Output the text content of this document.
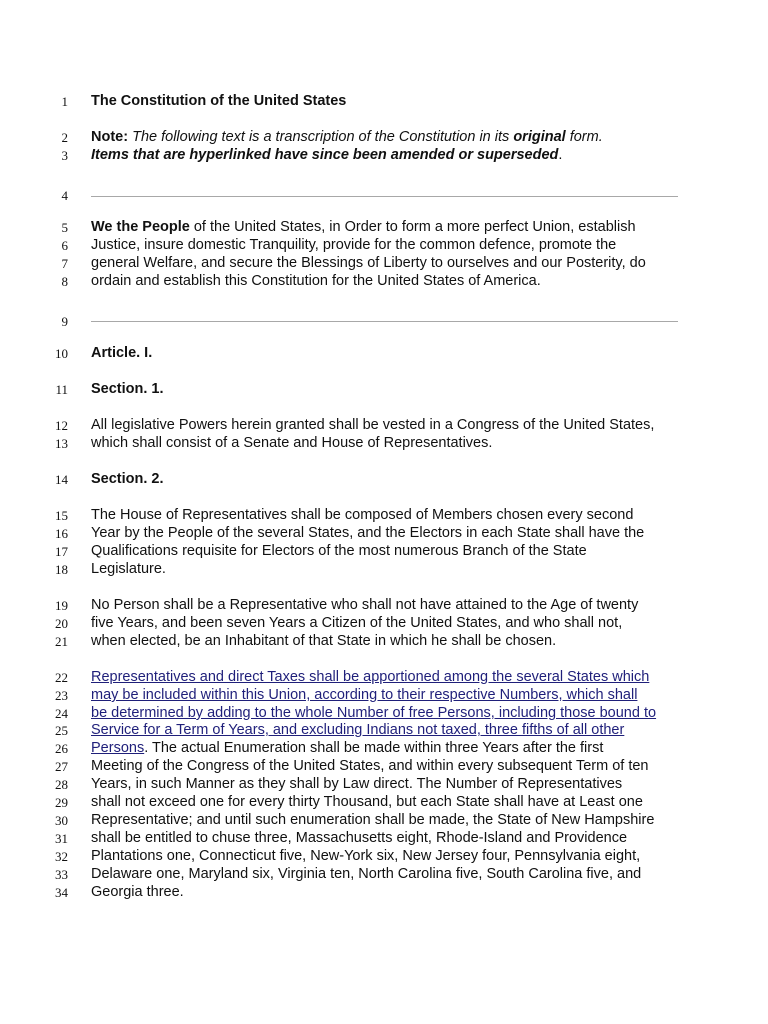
1
2
3
4
5
6
7
8
9
10
11
12
13
14
15
16
17
18
19
20
21
22
23
24
25
26
27
28
29
30
31
32
33
34
The Constitution of the United States
Note: The following text is a transcription of the Constitution in its original form.
Items that are hyperlinked have since been amended or superseded.
We the People of the United States, in Order to form a more perfect Union, establish
Justice, insure domestic Tranquility, provide for the common defence, promote the
general Welfare, and secure the Blessings of Liberty to ourselves and our Posterity, do
ordain and establish this Constitution for the United States of America.
Article. I.
Section. 1.
All legislative Powers herein granted shall be vested in a Congress of the United States,
which shall consist of a Senate and House of Representatives.
Section. 2.
The House of Representatives shall be composed of Members chosen every second
Year by the People of the several States, and the Electors in each State shall have the
Qualifications requisite for Electors of the most numerous Branch of the State
Legislature.
No Person shall be a Representative who shall not have attained to the Age of twenty
five Years, and been seven Years a Citizen of the United States, and who shall not,
when elected, be an Inhabitant of that State in which he shall be chosen.
Representatives and direct Taxes shall be apportioned among the several States which
may be included within this Union, according to their respective Numbers, which shall
be determined by adding to the whole Number of free Persons, including those bound to
Service for a Term of Years, and excluding Indians not taxed, three fifths of all other
Persons. The actual Enumeration shall be made within three Years after the first
Meeting of the Congress of the United States, and within every subsequent Term of ten
Years, in such Manner as they shall by Law direct. The Number of Representatives
shall not exceed one for every thirty Thousand, but each State shall have at Least one
Representative; and until such enumeration shall be made, the State of New Hampshire
shall be entitled to chuse three, Massachusetts eight, Rhode-Island and Providence
Plantations one, Connecticut five, New-York six, New Jersey four, Pennsylvania eight,
Delaware one, Maryland six, Virginia ten, North Carolina five, South Carolina five, and
Georgia three.
